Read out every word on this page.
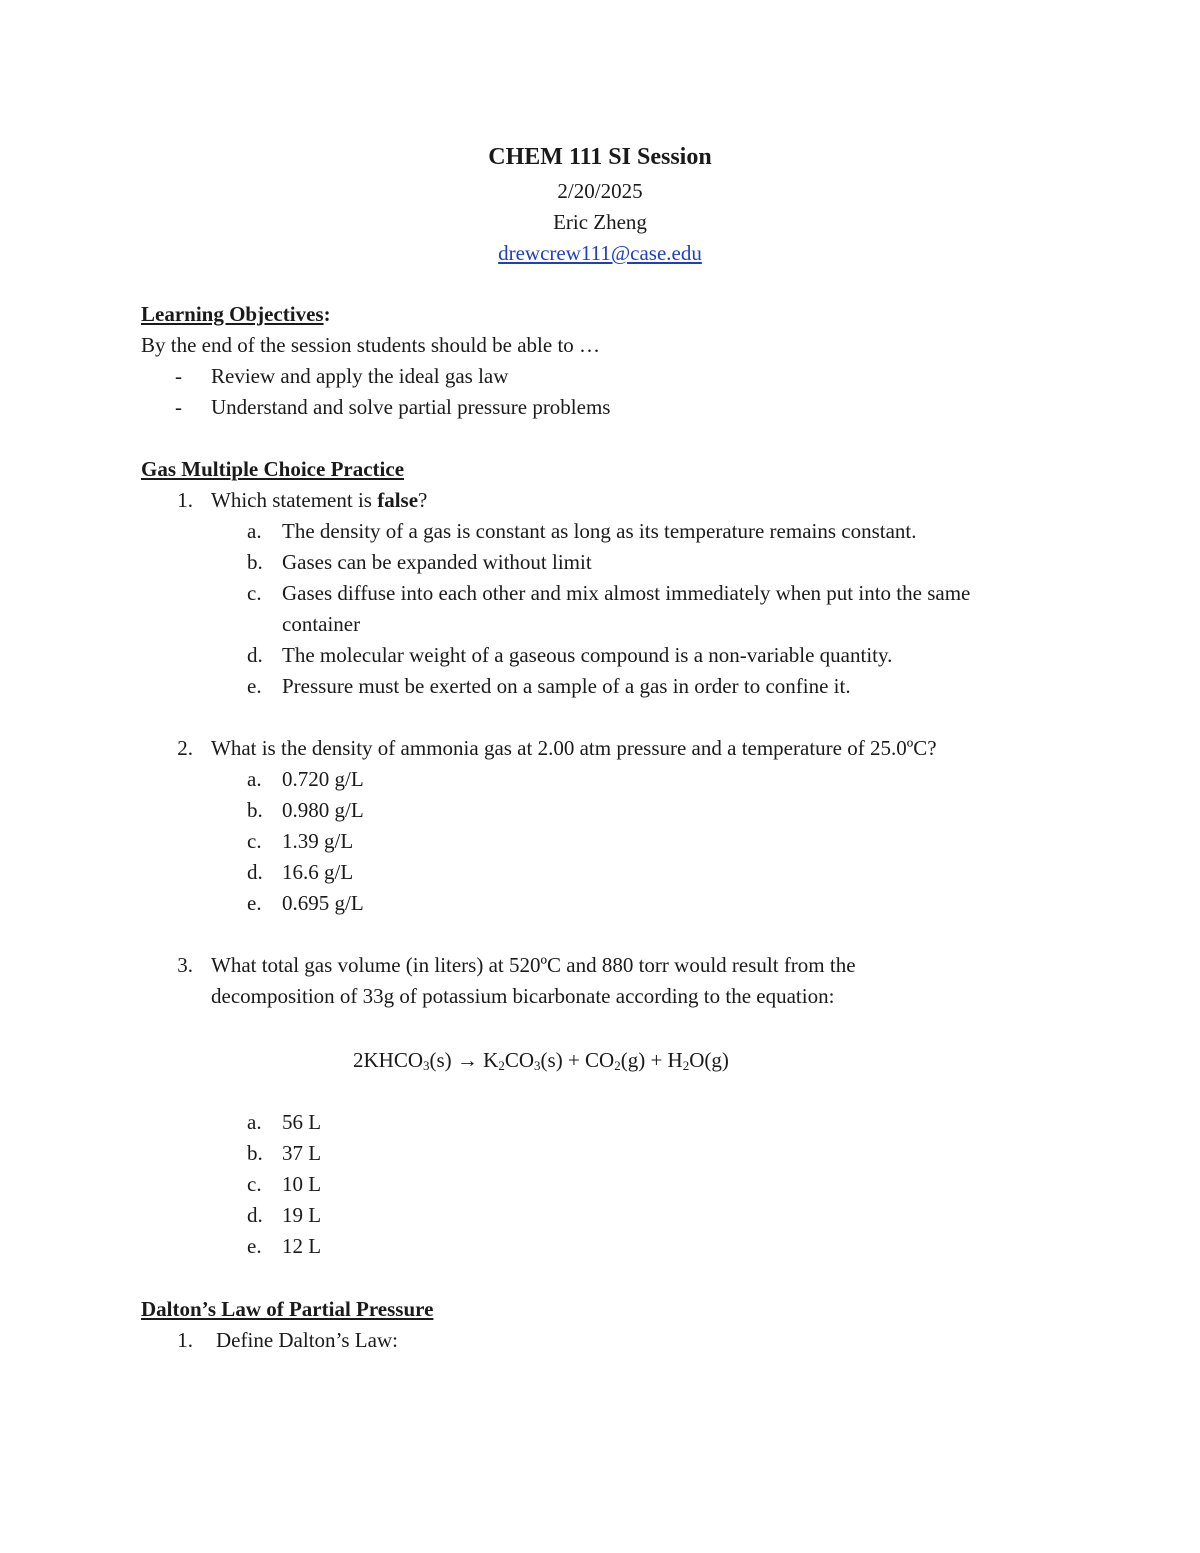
CHEM 111 SI Session
2/20/2025
Eric Zheng
drewcrew111@case.edu
Learning Objectives:
By the end of the session students should be able to …
- Review and apply the ideal gas law
- Understand and solve partial pressure problems
Gas Multiple Choice Practice
1. Which statement is false?
a. The density of a gas is constant as long as its temperature remains constant.
b. Gases can be expanded without limit
c. Gases diffuse into each other and mix almost immediately when put into the same
container
d. The molecular weight of a gaseous compound is a non-variable quantity.
e. Pressure must be exerted on a sample of a gas in order to confine it.
2. What is the density of ammonia gas at 2.00 atm pressure and a temperature of 25.0ºC?
a. 0.720 g/L
b. 0.980 g/L
c. 1.39 g/L
d. 16.6 g/L
e. 0.695 g/L
3. What total gas volume (in liters) at 520ºC and 880 torr would result from the
decomposition of 33g of potassium bicarbonate according to the equation:
$2KHCO_3(s) \to K_2CO_3(s) + CO_2(g) + H_2O(g)$
a. 56 L
b. 37 L
c. 10 L
d. 19 L
e. 12 L
Dalton’s Law of Partial Pressure
1. Define Dalton’s Law:
